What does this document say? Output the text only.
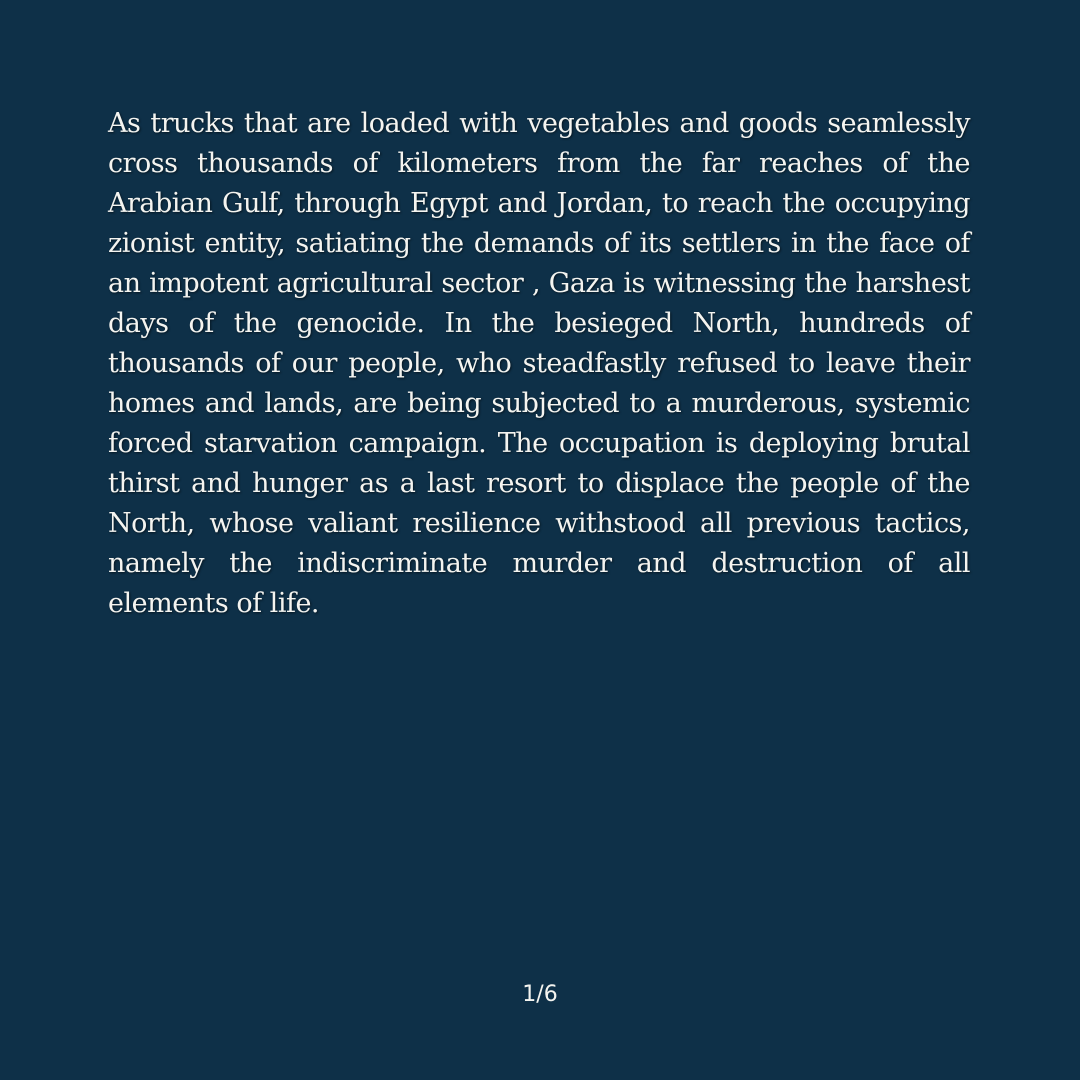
As trucks that are loaded with vegetables and goods seamlessly cross thousands of kilometers from the far reaches of the Arabian Gulf, through Egypt and Jordan, to reach the occupying zionist entity, satiating the demands of its settlers in the face of an impotent agricultural sector , Gaza is witnessing the harshest days of the genocide. In the besieged North, hundreds of thousands of our people, who steadfastly refused to leave their homes and lands, are being subjected to a murderous, systemic forced starvation campaign. The occupation is deploying brutal thirst and hunger as a last resort to displace the people of the North, whose valiant resilience withstood all previous tactics, namely the indiscriminate murder and destruction of all elements of life.

1/6
